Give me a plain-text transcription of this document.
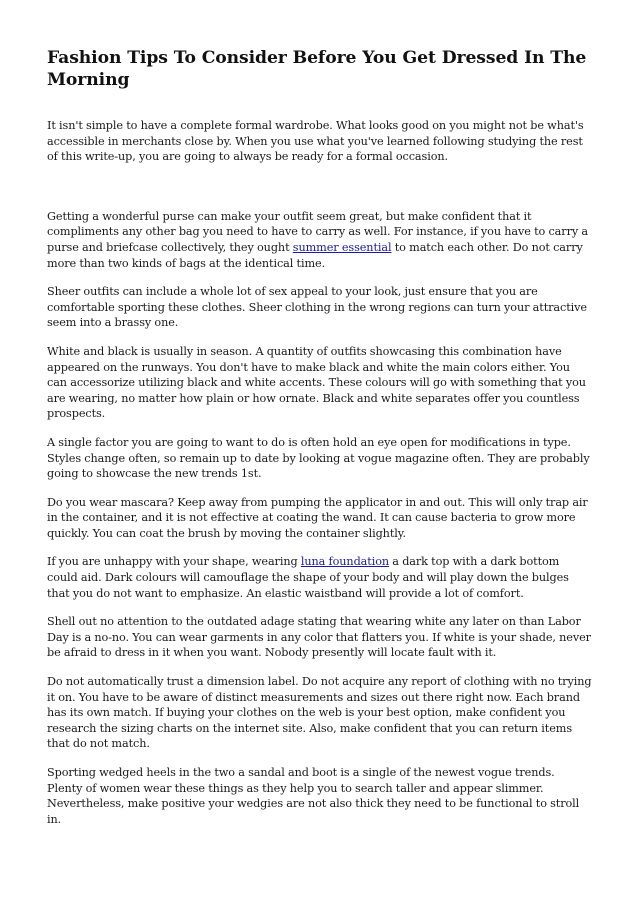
Fashion Tips To Consider Before You Get Dressed In The Morning

It isn't simple to have a complete formal wardrobe. What looks good on you might not be what's accessible in merchants close by. When you use what you've learned following studying the rest of this write-up, you are going to always be ready for a formal occasion.

Getting a wonderful purse can make your outfit seem great, but make confident that it compliments any other bag you need to have to carry as well. For instance, if you have to carry a purse and briefcase collectively, they ought summer essential to match each other. Do not carry more than two kinds of bags at the identical time.

Sheer outfits can include a whole lot of sex appeal to your look, just ensure that you are comfortable sporting these clothes. Sheer clothing in the wrong regions can turn your attractive seem into a brassy one.

White and black is usually in season. A quantity of outfits showcasing this combination have appeared on the runways. You don't have to make black and white the main colors either. You can accessorize utilizing black and white accents. These colours will go with something that you are wearing, no matter how plain or how ornate. Black and white separates offer you countless prospects.

A single factor you are going to want to do is often hold an eye open for modifications in type. Styles change often, so remain up to date by looking at vogue magazine often. They are probably going to showcase the new trends 1st.

Do you wear mascara? Keep away from pumping the applicator in and out. This will only trap air in the container, and it is not effective at coating the wand. It can cause bacteria to grow more quickly. You can coat the brush by moving the container slightly.

If you are unhappy with your shape, wearing luna foundation a dark top with a dark bottom could aid. Dark colours will camouflage the shape of your body and will play down the bulges that you do not want to emphasize. An elastic waistband will provide a lot of comfort.

Shell out no attention to the outdated adage stating that wearing white any later on than Labor Day is a no-no. You can wear garments in any color that flatters you. If white is your shade, never be afraid to dress in it when you want. Nobody presently will locate fault with it.

Do not automatically trust a dimension label. Do not acquire any report of clothing with no trying it on. You have to be aware of distinct measurements and sizes out there right now. Each brand has its own match. If buying your clothes on the web is your best option, make confident you research the sizing charts on the internet site. Also, make confident that you can return items that do not match.

Sporting wedged heels in the two a sandal and boot is a single of the newest vogue trends. Plenty of women wear these things as they help you to search taller and appear slimmer. Nevertheless, make positive your wedgies are not also thick they need to be functional to stroll in.
